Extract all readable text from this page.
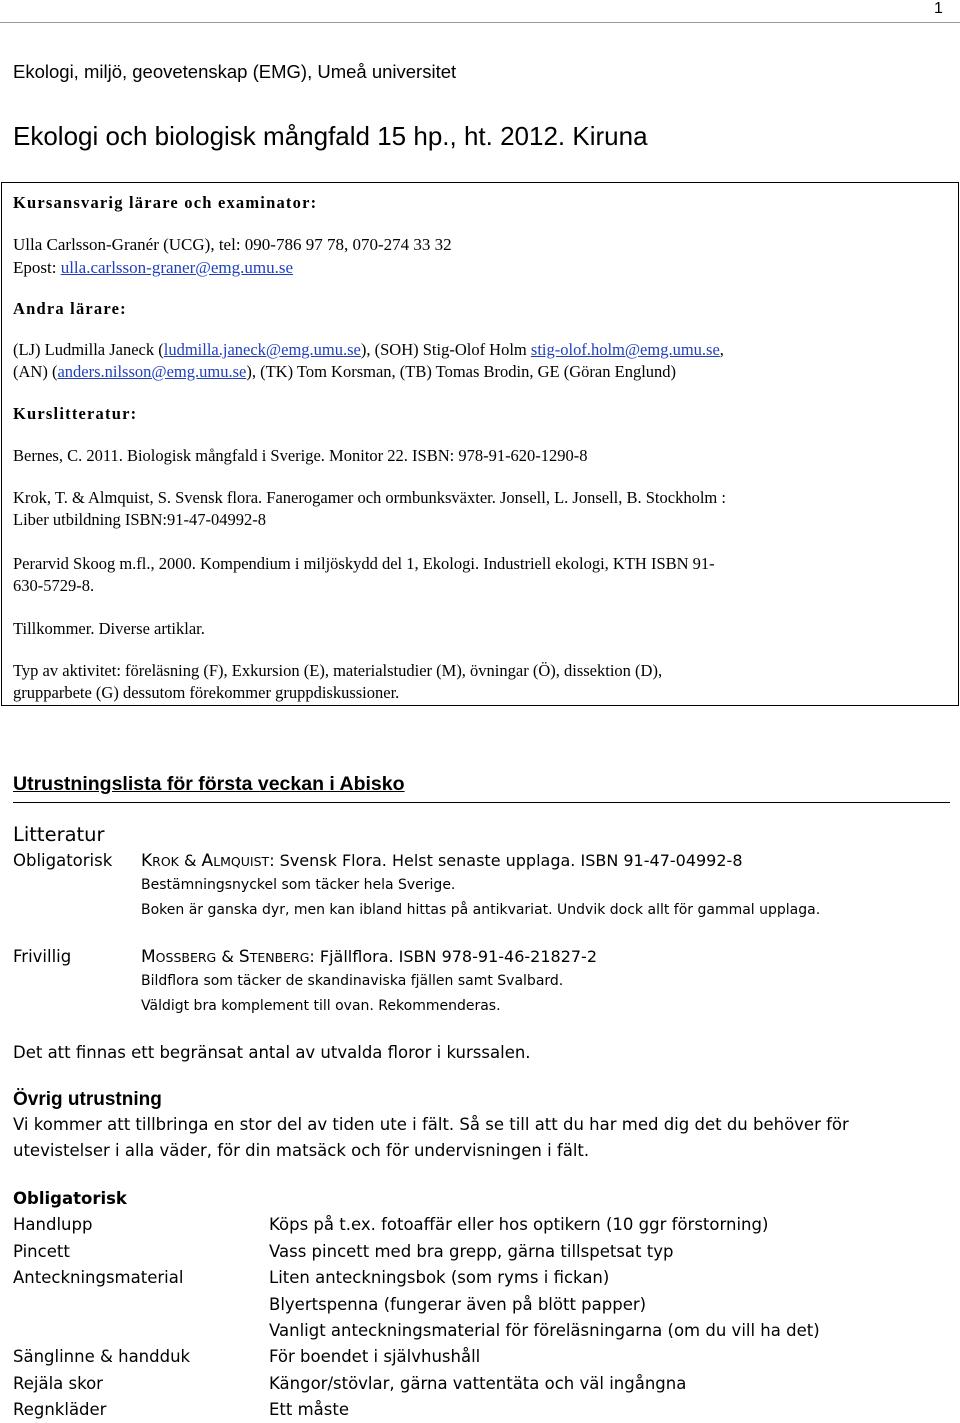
1
Ekologi, miljö, geovetenskap (EMG), Umeå universitet
Ekologi och biologisk mångfald 15 hp., ht. 2012. Kiruna
Kursansvarig lärare och examinator:
Ulla Carlsson-Granér (UCG), tel: 090-786 97 78, 070-274 33 32
Epost: ulla.carlsson-graner@emg.umu.se
Andra lärare:
(LJ) Ludmilla Janeck (ludmilla.janeck@emg.umu.se), (SOH) Stig-Olof Holm stig-olof.holm@emg.umu.se,
(AN) (anders.nilsson@emg.umu.se), (TK) Tom Korsman, (TB) Tomas Brodin, GE (Göran Englund)
Kurslitteratur:
Bernes, C. 2011. Biologisk mångfald i Sverige. Monitor 22. ISBN: 978-91-620-1290-8
Krok, T. & Almquist, S. Svensk flora. Fanerogamer och ormbunksväxter. Jonsell, L. Jonsell, B. Stockholm :
Liber utbildning ISBN:91-47-04992-8
Perarvid Skoog m.fl., 2000. Kompendium i miljöskydd del 1, Ekologi. Industriell ekologi, KTH ISBN 91-
630-5729-8.
Tillkommer. Diverse artiklar.
Typ av aktivitet: föreläsning (F), Exkursion (E), materialstudier (M), övningar (Ö), dissektion (D),
grupparbete (G) dessutom förekommer gruppdiskussioner.
Utrustningslista för första veckan i Abisko
Litteratur
Obligatorisk KROK & ALMQUIST: Svensk Flora. Helst senaste upplaga. ISBN 91-47-04992-8
Bestämningsnyckel som täcker hela Sverige.
Boken är ganska dyr, men kan ibland hittas på antikvariat. Undvik dock allt för gammal upplaga.
Frivillig	MOSSBERG & STENBERG: Fjällflora. ISBN 978-91-46-21827-2
Bildflora som täcker de skandinaviska fjällen samt Svalbard.
Väldigt bra komplement till ovan. Rekommenderas.
Det att finnas ett begränsat antal av utvalda floror i kurssalen.
Övrig utrustning
Vi kommer att tillbringa en stor del av tiden ute i fält. Så se till att du har med dig det du behöver för
utevistelser i alla väder, för din matsäck och för undervisningen i fält.
Obligatorisk
Handlupp	Köps på t.ex. fotoaffär eller hos optikern (10 ggr förstorning)
Pincett	Vass pincett med bra grepp, gärna tillspetsat typ
Anteckningsmaterial	Liten anteckningsbok (som ryms i fickan)
Blyertspenna (fungerar även på blött papper)
Vanligt anteckningsmaterial för föreläsningarna (om du vill ha det)
Sänglinne & handduk	För boendet i självhushåll
Rejäla skor	Kängor/stövlar, gärna vattentäta och väl ingångna
Regnkläder	Ett måste
